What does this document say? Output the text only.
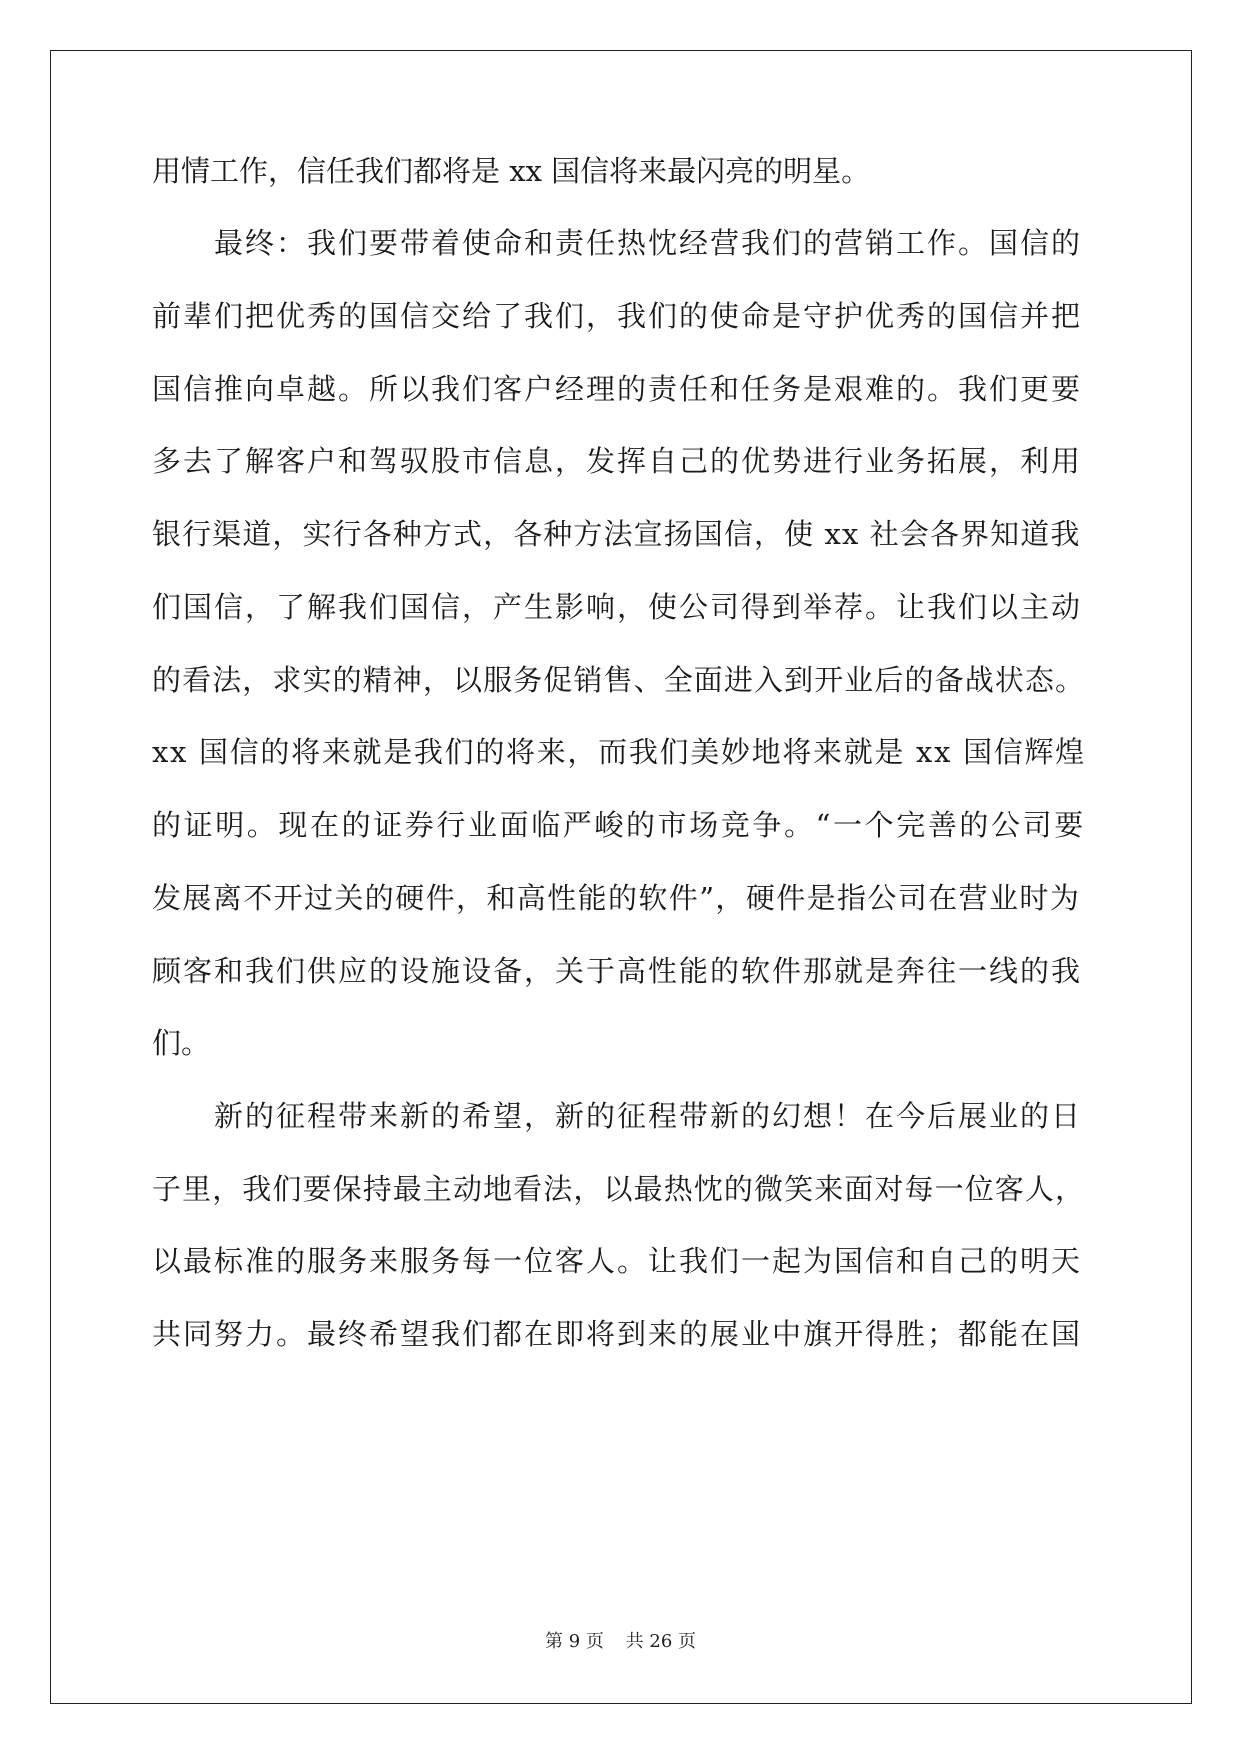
用情工作，信任我们都将是 xx 国信将来最闪亮的明星。
最终：我们要带着使命和责任热忱经营我们的营销工作。国信的
前辈们把优秀的国信交给了我们，我们的使命是守护优秀的国信并把
国信推向卓越。所以我们客户经理的责任和任务是艰难的。我们更要
多去了解客户和驾驭股市信息，发挥自己的优势进行业务拓展，利用
银行渠道，实行各种方式，各种方法宣扬国信，使 xx 社会各界知道我
们国信，了解我们国信，产生影响，使公司得到举荐。让我们以主动
的看法，求实的精神，以服务促销售、全面进入到开业后的备战状态。
xx 国信的将来就是我们的将来，而我们美妙地将来就是 xx 国信辉煌
的证明。现在的证券行业面临严峻的市场竞争。“一个完善的公司要
发展离不开过关的硬件，和高性能的软件”，硬件是指公司在营业时为
顾客和我们供应的设施设备，关于高性能的软件那就是奔往一线的我
们。
新的征程带来新的希望，新的征程带新的幻想！在今后展业的日
子里，我们要保持最主动地看法，以最热忱的微笑来面对每一位客人，
以最标准的服务来服务每一位客人。让我们一起为国信和自己的明天
共同努力。最终希望我们都在即将到来的展业中旗开得胜；都能在国
第 9 页 共 26 页
